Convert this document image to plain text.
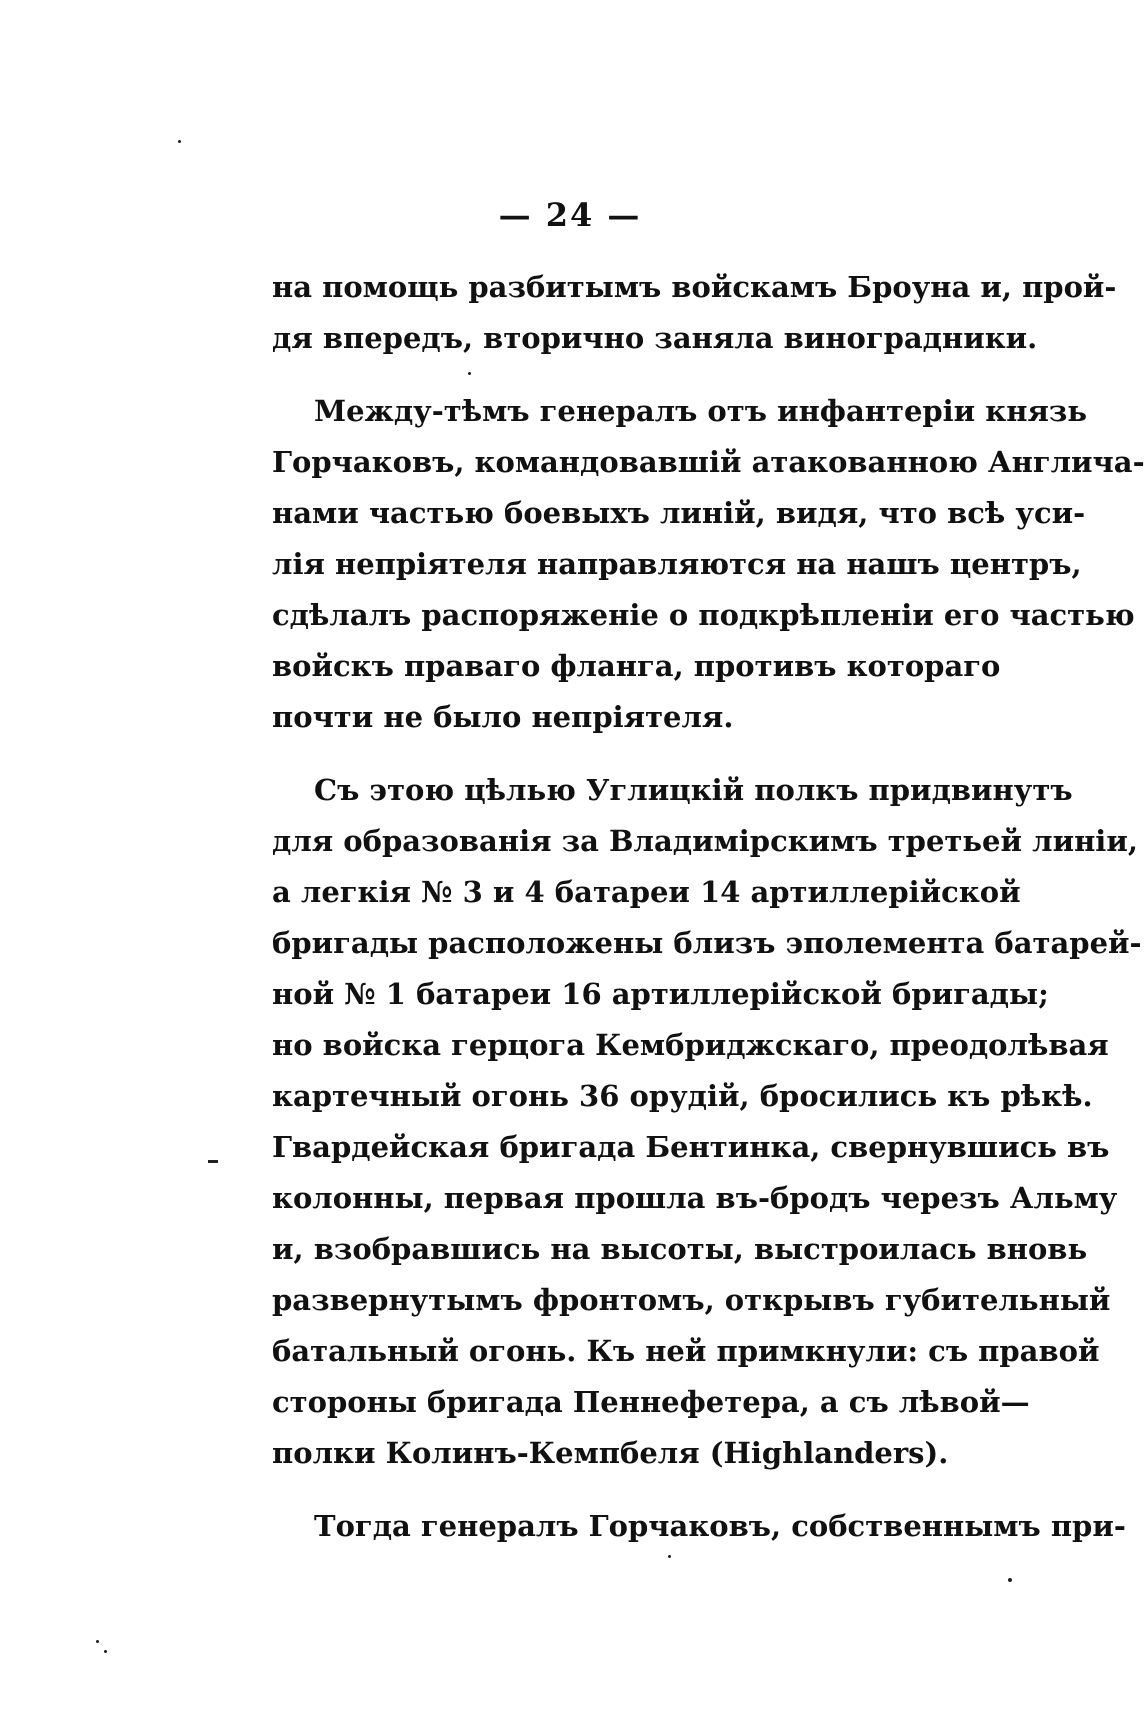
— 24 —
на помощь разбитымъ войскамъ Броуна и, прой-
дя впередъ, вторично заняла виноградники.
Между-тѣмъ генералъ отъ инфантеріи князь
Горчаковъ, командовавшій атакованною Англича-
нами частью боевыхъ линій, видя, что всѣ уси-
лія непріятеля направляются на нашъ центръ,
сдѣлалъ распоряженіе о подкрѣпленіи его частью
войскъ праваго фланга, противъ котораго
почти не было непріятеля.
Съ этою цѣлью Углицкій полкъ придвинутъ
для образованія за Владимірскимъ третьей линіи,
а легкія № 3 и 4 батареи 14 артиллерійской
бригады расположены близъ эполемента батарей-
ной № 1 батареи 16 артиллерійской бригады;
но войска герцога Кембриджскаго, преодолѣвая
картечный огонь 36 орудій, бросились къ рѣкѣ.
Гвардейская бригада Бентинка, свернувшись въ
колонны, первая прошла въ-бродъ черезъ Альму
и, взобравшись на высоты, выстроилась вновь
развернутымъ фронтомъ, открывъ губительный
батальный огонь. Къ ней примкнули: съ правой
стороны бригада Пеннефетера, а съ лѣвой—
полки Колинъ-Кемпбеля (Highlanders).
Тогда генералъ Горчаковъ, собственнымъ при-
